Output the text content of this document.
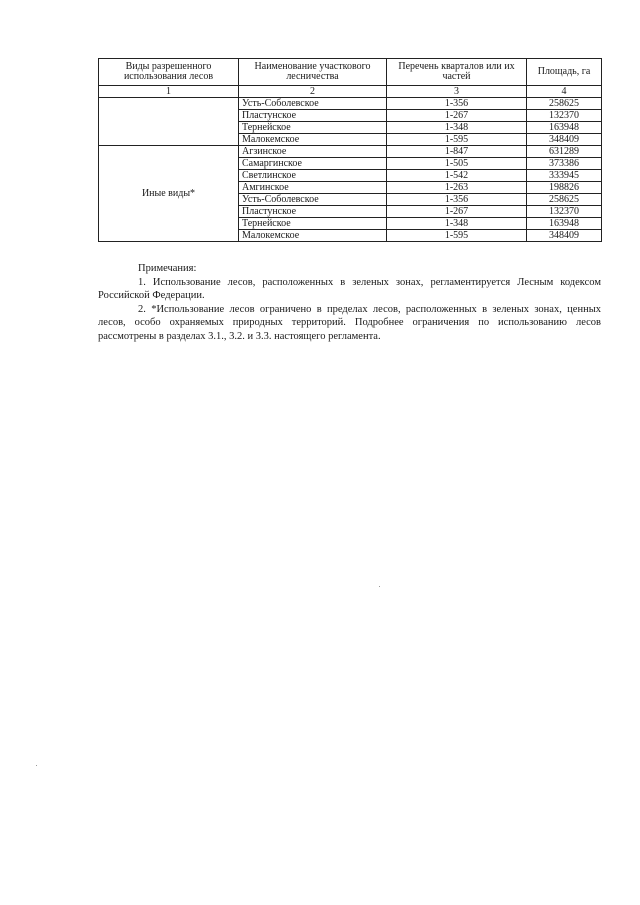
Виды разрешенного использования лесов	Наименование участкового лесничества	Перечень кварталов или их частей	Площадь, га
1	2	3	4
	Усть-Соболевское	1-356	258625
	Пластунское	1-267	132370
	Тернейское	1-348	163948
	Малокемское	1-595	348409
Иные виды*	Агзинское	1-847	631289
	Самаргинское	1-505	373386
	Светлинское	1-542	333945
	Амгинское	1-263	198826
	Усть-Соболевское	1-356	258625
	Пластунское	1-267	132370
	Тернейское	1-348	163948
	Малокемское	1-595	348409

Примечания:

1. Использование лесов, расположенных в зеленых зонах, регламентируется Лесным кодексом Российской Федерации.

2. *Использование лесов ограничено в пределах лесов, расположенных в зеленых зонах, ценных лесов, особо охраняемых природных территорий. Подробнее ограничения по использованию лесов рассмотрены в разделах 3.1., 3.2. и 3.3. настоящего регламента.
